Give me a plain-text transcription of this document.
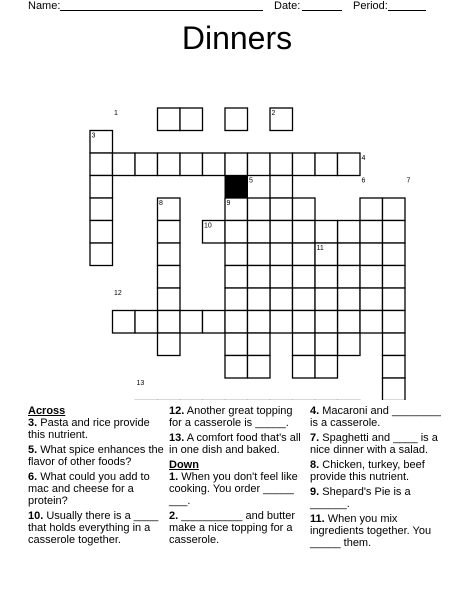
Name:	Date:	Period:
Dinners
1	2
3
4
5	6	7
8	9
10
11
12
13
Across
3. Pasta and rice provide this nutrient.
5. What spice enhances the flavor of other foods?
6. What could you add to mac and cheese for a protein?
10. Usually there is a ____ that holds everything in a casserole together.
12. Another great topping for a casserole is _____.
13. A comfort food that's all in one dish and baked.
Down
1. When you don't feel like cooking. You order _____ ___.
2. __________ and butter make a nice topping for a casserole.
4. Macaroni and ________ is a casserole.
7. Spaghetti and ____ is a nice dinner with a salad.
8. Chicken, turkey, beef provide this nutrient.
9. Shepard's Pie is a ______.
11. When you mix ingredients together. You _____ them.
